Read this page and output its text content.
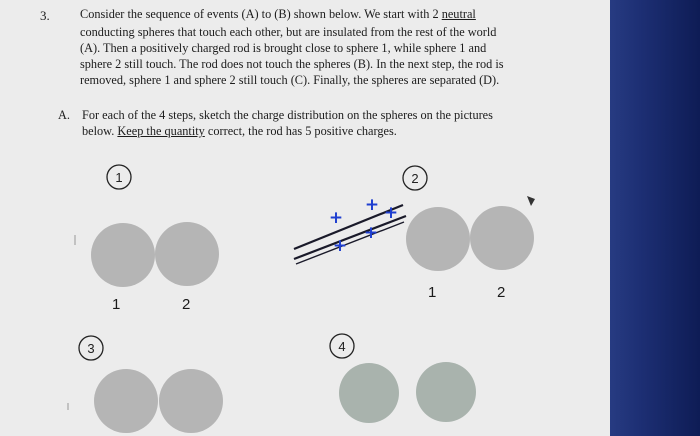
3. Consider the sequence of events (A) to (B) shown below. We start with 2 neutral
conducting spheres that touch each other, but are insulated from the rest of the world
(A). Then a positively charged rod is brought close to sphere 1, while sphere 1 and
sphere 2 still touch. The rod does not touch the spheres (B). In the next step, the rod is
removed, sphere 1 and sphere 2 still touch (C). Finally, the spheres are separated (D).
A. For each of the 4 steps, sketch the charge distribution on the spheres on the pictures
below. Keep the quantity correct, the rod has 5 positive charges.
1	2
3	4
+
+ +
+
+
1	2
1	2
